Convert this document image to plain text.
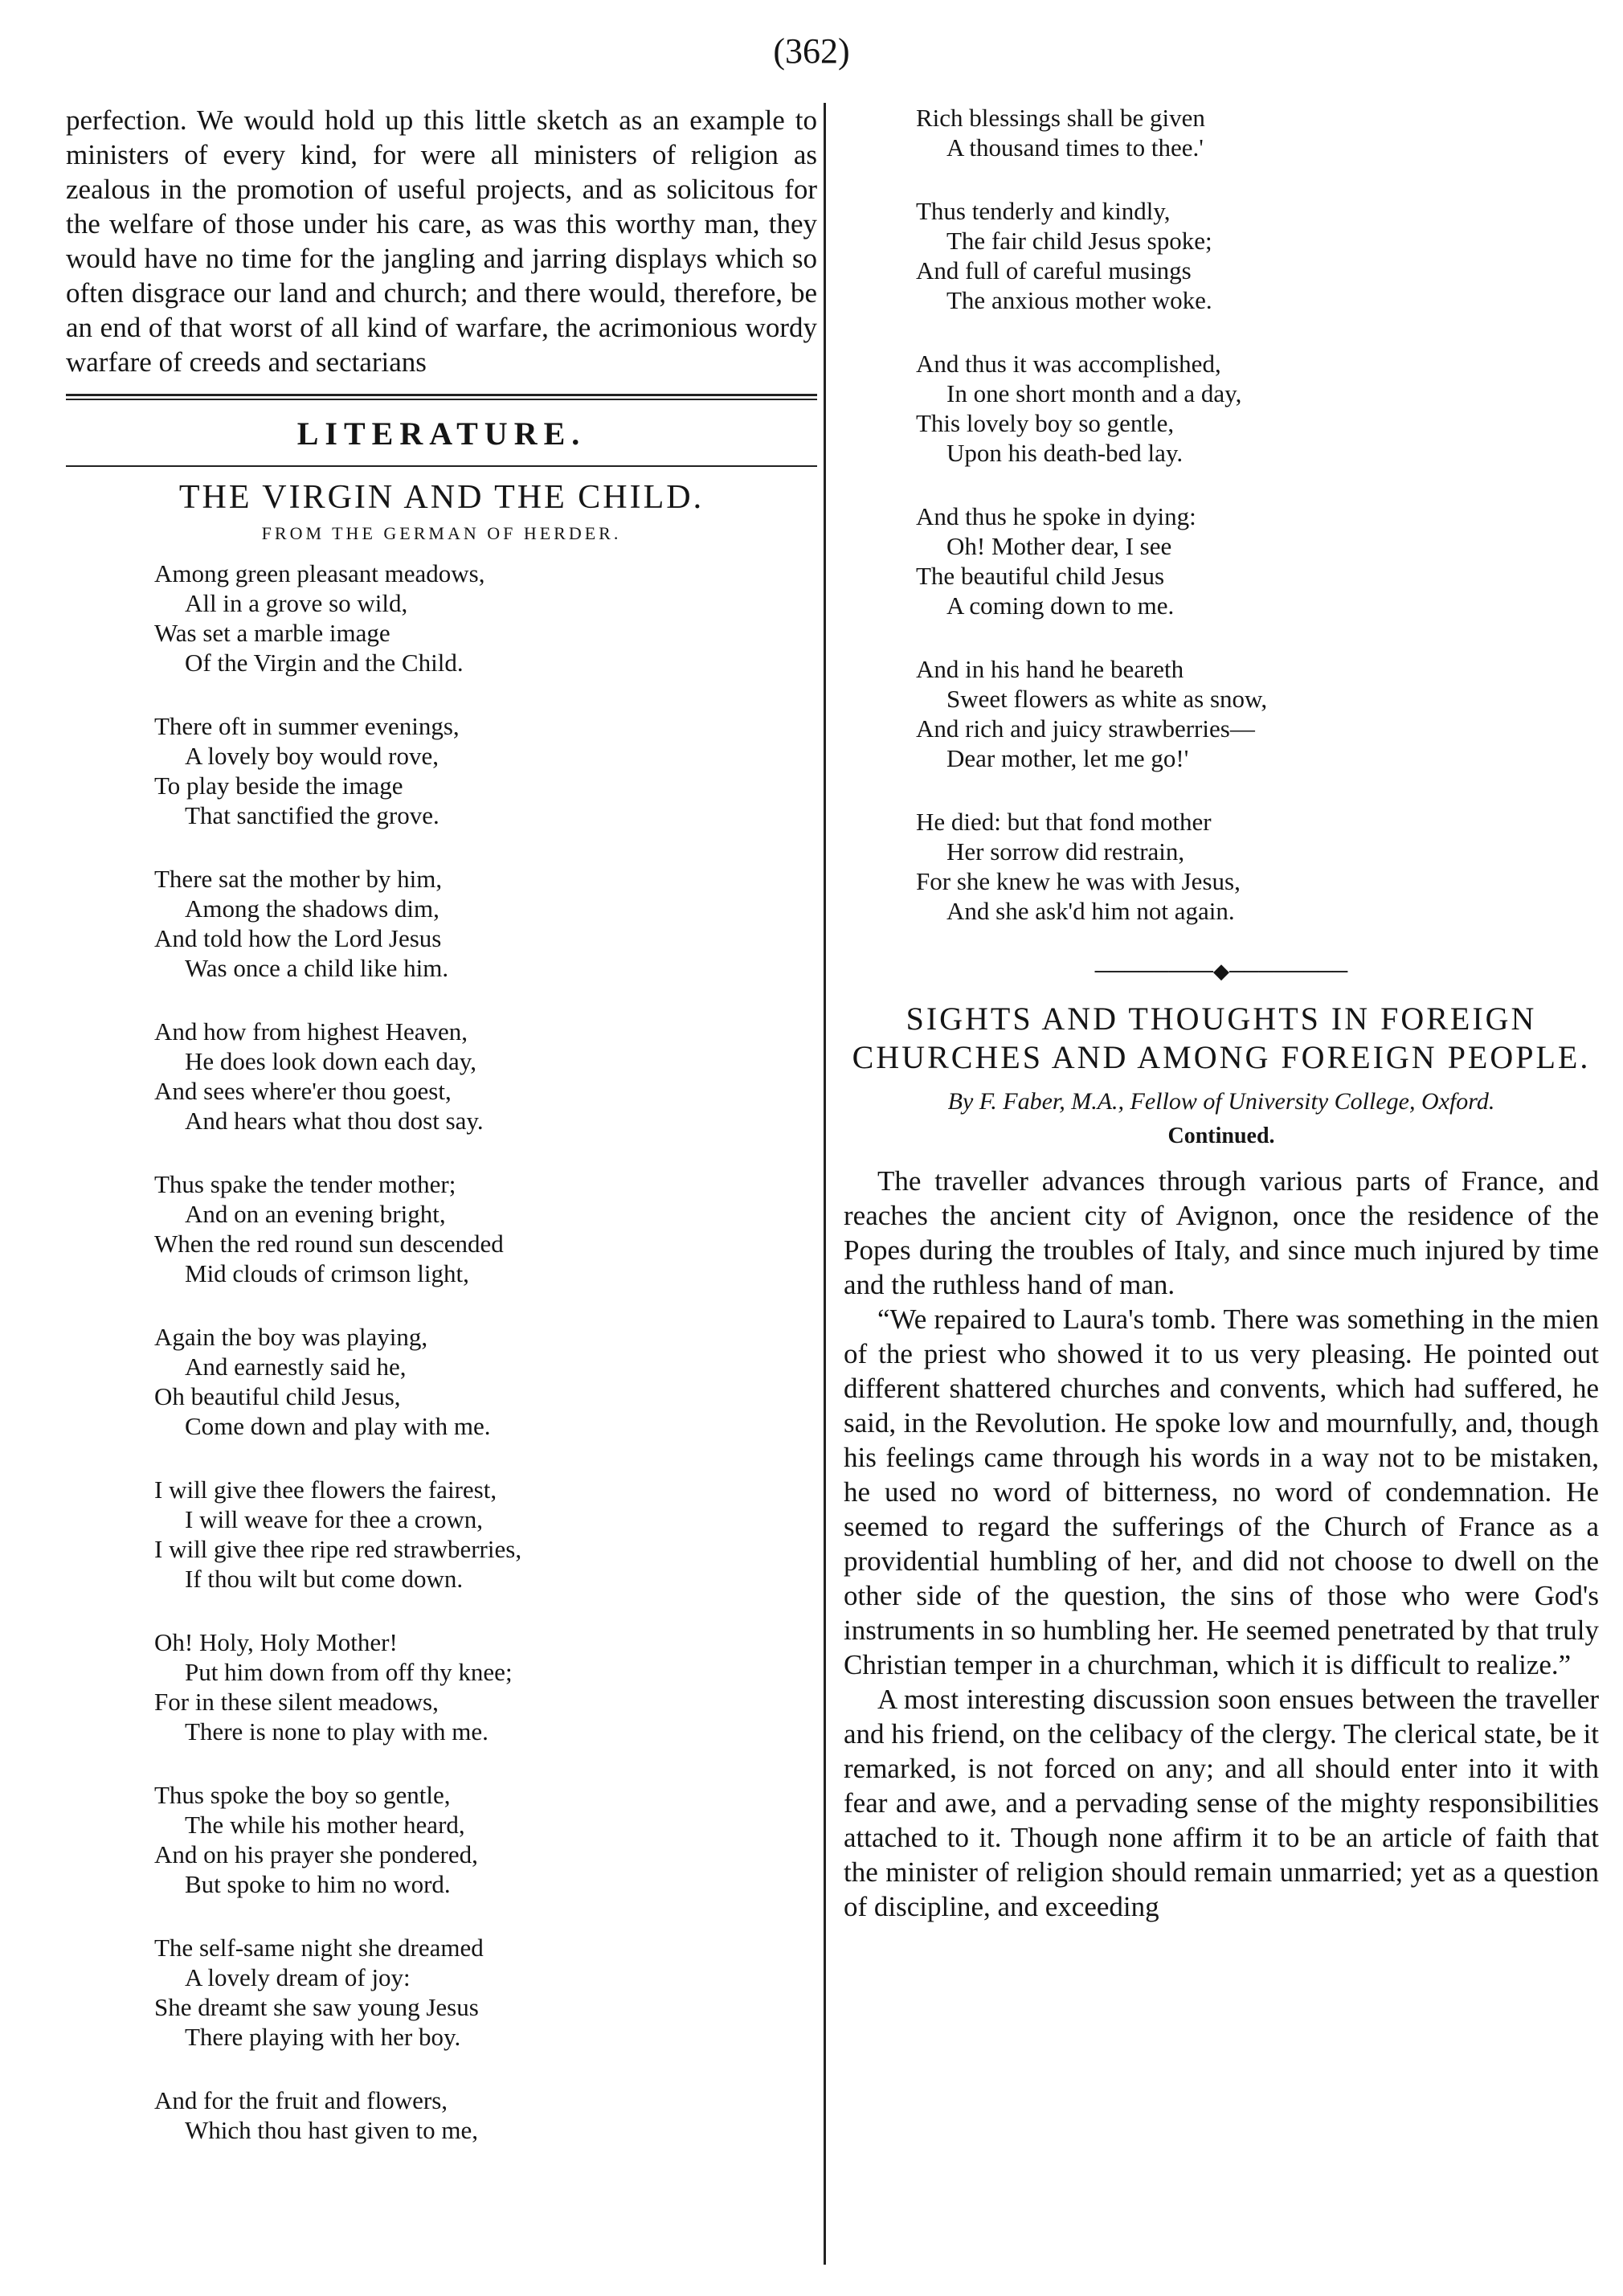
(362)

perfection. We would hold up this little sketch as an example to ministers of every kind, for were all ministers of religion as zealous in the promotion of useful projects, and as solicitous for the welfare of those under his care, as was this worthy man, they would have no time for the jangling and jarring displays which so often disgrace our land and church; and there would, therefore, be an end of that worst of all kind of warfare, the acrimonious wordy warfare of creeds and sectarians

LITERATURE.
THE VIRGIN AND THE CHILD.
FROM THE GERMAN OF HERDER.
Among green pleasant meadows,
All in a grove so wild,
Was set a marble image
Of the Virgin and the Child.
There oft in summer evenings,
A lovely boy would rove,
To play beside the image
That sanctified the grove.
There sat the mother by him,
Among the shadows dim,
And told how the Lord Jesus
Was once a child like him.
And how from highest Heaven,
He does look down each day,
And sees where'er thou goest,
And hears what thou dost say.
Thus spake the tender mother;
And on an evening bright,
When the red round sun descended
Mid clouds of crimson light,
Again the boy was playing,
And earnestly said he,
Oh beautiful child Jesus,
Come down and play with me.
I will give thee flowers the fairest,
I will weave for thee a crown,
I will give thee ripe red strawberries,
If thou wilt but come down.
Oh! Holy, Holy Mother!
Put him down from off thy knee;
For in these silent meadows,
There is none to play with me.
Thus spoke the boy so gentle,
The while his mother heard,
And on his prayer she pondered,
But spoke to him no word.
The self-same night she dreamed
A lovely dream of joy:
She dreamt she saw young Jesus
There playing with her boy.
And for the fruit and flowers,
Which thou hast given to me,
Rich blessings shall be given
A thousand times to thee.'
Thus tenderly and kindly,
The fair child Jesus spoke;
And full of careful musings
The anxious mother woke.
And thus it was accomplished,
In one short month and a day,
This lovely boy so gentle,
Upon his death-bed lay.
And thus he spoke in dying:
Oh! Mother dear, I see
The beautiful child Jesus
A coming down to me.
And in his hand he beareth
Sweet flowers as white as snow,
And rich and juicy strawberries—
Dear mother, let me go!'
He died: but that fond mother
Her sorrow did restrain,
For she knew he was with Jesus,
And she ask'd him not again.
────────◆────────
SIGHTS AND THOUGHTS IN FOREIGN CHURCHES AND AMONG FOREIGN PEOPLE.
By F. Faber, M.A., Fellow of University College, Oxford.
Continued.

The traveller advances through various parts of France, and reaches the ancient city of Avignon, once the residence of the Popes during the troubles of Italy, and since much injured by time and the ruthless hand of man.

“We repaired to Laura's tomb. There was something in the mien of the priest who showed it to us very pleasing. He pointed out different shattered churches and convents, which had suffered, he said, in the Revolution. He spoke low and mournfully, and, though his feelings came through his words in a way not to be mistaken, he used no word of bitterness, no word of condemnation. He seemed to regard the sufferings of the Church of France as a providential humbling of her, and did not choose to dwell on the other side of the question, the sins of those who were God's instruments in so humbling her. He seemed penetrated by that truly Christian temper in a churchman, which it is difficult to realize.”

A most interesting discussion soon ensues between the traveller and his friend, on the celibacy of the clergy. The clerical state, be it remarked, is not forced on any; and all should enter into it with fear and awe, and a pervading sense of the mighty responsibilities attached to it. Though none affirm it to be an article of faith that the minister of religion should remain unmarried; yet as a question of discipline, and exceeding
